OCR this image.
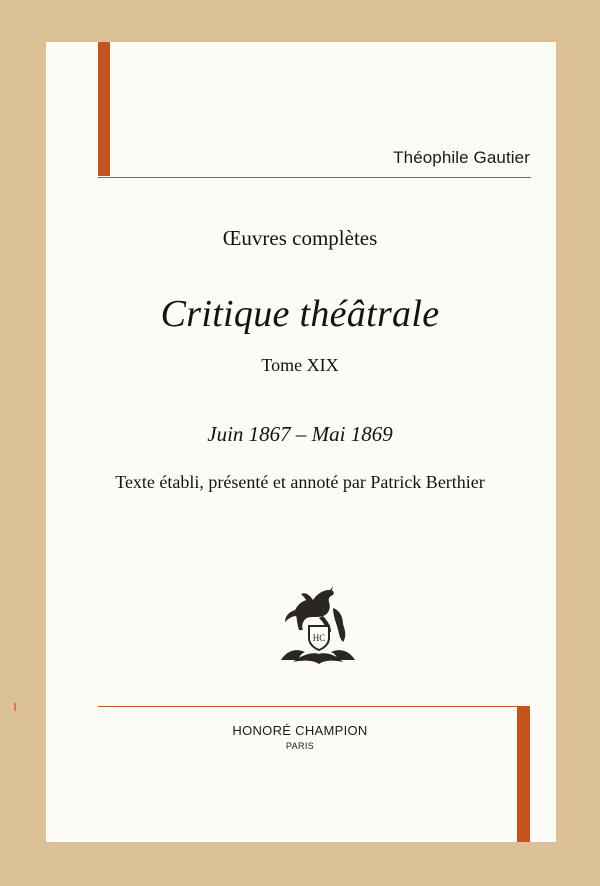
Théophile Gautier
Œuvres complètes
Critique théâtrale
Tome XIX
Juin 1867 – Mai 1869
Texte établi, présenté et annoté par Patrick Berthier
HC
HONORÉ CHAMPION
PARIS
